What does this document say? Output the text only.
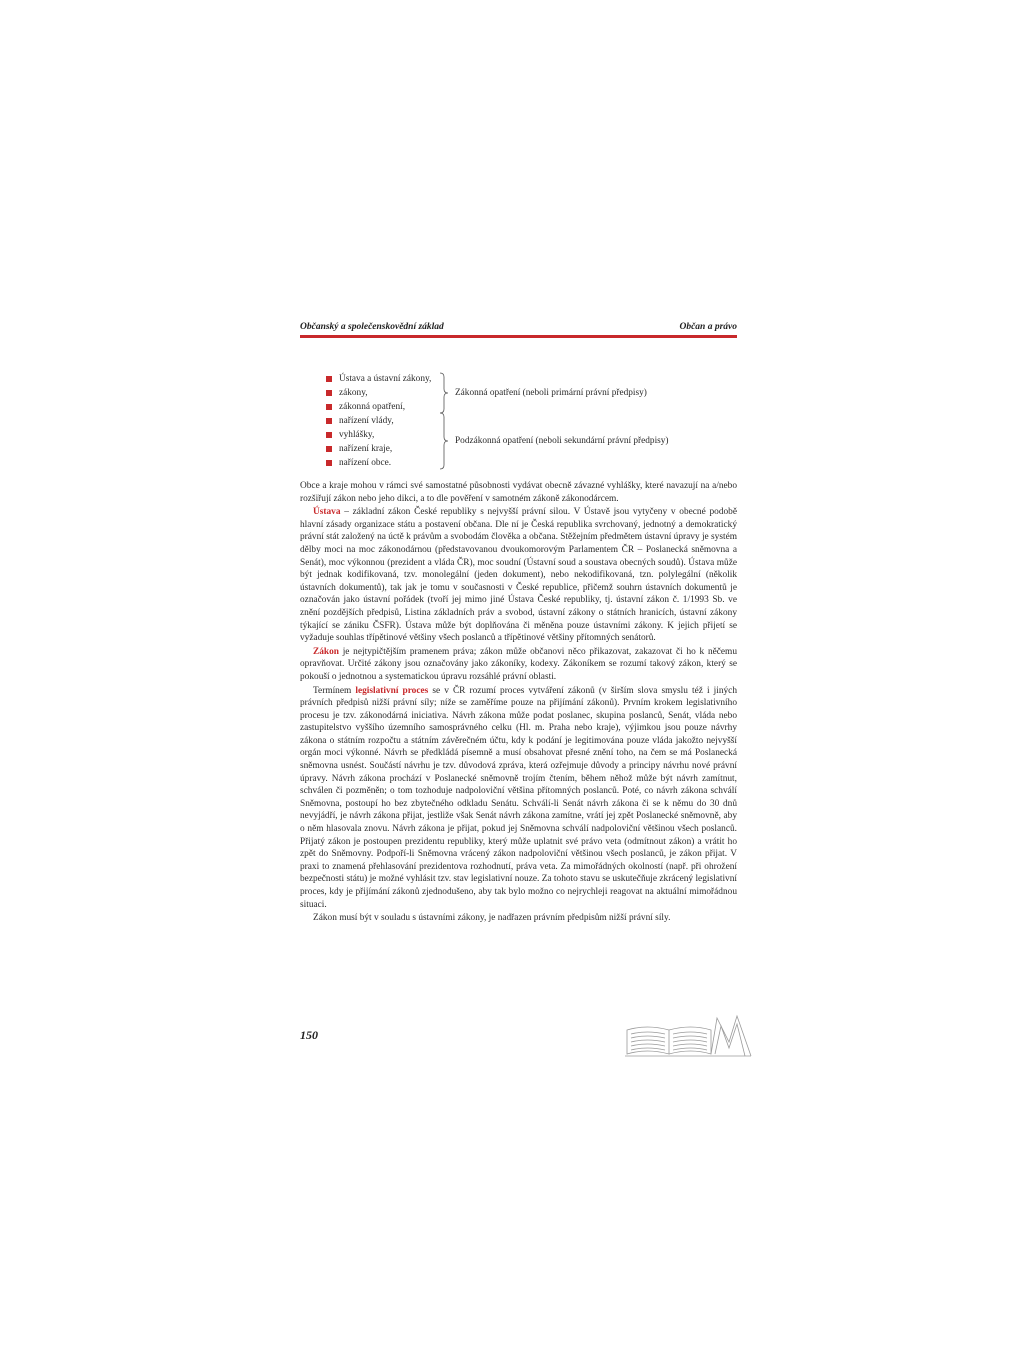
Občanský a společenskovědní základ	Občan a právo
Ústava a ústavní zákony,
zákony,
zákonná opatření,
nařízení vlády,
vyhlášky,
nařízení kraje,
nařízení obce.
Zákonná opatření (neboli primární právní předpisy)
Podzákonná opatření (neboli sekundární právní předpisy)

Obce a kraje mohou v rámci své samostatné působnosti vydávat obecně závazné vyhlášky, které navazují na a/nebo rozšiřují zákon nebo jeho dikci, a to dle pověření v samotném zákoně zákonodárcem.

Ústava – základní zákon České republiky s nejvyšší právní silou. V Ústavě jsou vytyčeny v obecné podobě hlavní zásady organizace státu a postavení občana. Dle ní je Česká republika svrchovaný, jednotný a demokratický právní stát založený na úctě k právům a svobodám člověka a občana. Stěžejním předmětem ústavní úpravy je systém dělby moci na moc zákonodárnou (představovanou dvoukomorovým Parlamentem ČR – Poslanecká sněmovna a Senát), moc výkonnou (prezident a vláda ČR), moc soudní (Ústavní soud a soustava obecných soudů). Ústava může být jednak kodifikovaná, tzv. monolegální (jeden dokument), nebo nekodifikovaná, tzn. polylegální (několik ústavních dokumentů), tak jak je tomu v současnosti v České republice, přičemž souhrn ústavních dokumentů je označován jako ústavní pořádek (tvoří jej mimo jiné Ústava České republiky, tj. ústavní zákon č. 1/1993 Sb. ve znění pozdějších předpisů, Listina základních práv a svobod, ústavní zákony o státních hranicích, ústavní zákony týkající se zániku ČSFR). Ústava může být doplňována či měněna pouze ústavními zákony. K jejich přijetí se vyžaduje souhlas třípětinové většiny všech poslanců a třípětinové většiny přítomných senátorů.

Zákon je nejtypičtějším pramenem práva; zákon může občanovi něco přikazovat, zakazovat či ho k něčemu opravňovat. Určité zákony jsou označovány jako zákoníky, kodexy. Zákoníkem se rozumí takový zákon, který se pokouší o jednotnou a systematickou úpravu rozsáhlé právní oblasti.

Termínem legislativní proces se v ČR rozumí proces vytváření zákonů (v širším slova smyslu též i jiných právních předpisů nižší právní síly; níže se zaměříme pouze na přijímání zákonů). Prvním krokem legislativního procesu je tzv. zákonodárná iniciativa. Návrh zákona může podat poslanec, skupina poslanců, Senát, vláda nebo zastupitelstvo vyššího územního samosprávného celku (Hl. m. Praha nebo kraje), výjimkou jsou pouze návrhy zákona o státním rozpočtu a státním závěrečném účtu, kdy k podání je legitimována pouze vláda jakožto nejvyšší orgán moci výkonné. Návrh se předkládá písemně a musí obsahovat přesné znění toho, na čem se má Poslanecká sněmovna usnést. Součástí návrhu je tzv. důvodová zpráva, která ozřejmuje důvody a principy návrhu nové právní úpravy. Návrh zákona prochází v Poslanecké sněmovně trojím čtením, během něhož může být návrh zamítnut, schválen či pozměněn; o tom tozhoduje nadpoloviční většina přítomných poslanců. Poté, co návrh zákona schválí Sněmovna, postoupí ho bez zbytečného odkladu Senátu. Schválí-li Senát návrh zákona či se k němu do 30 dnů nevyjádří, je návrh zákona přijat, jestliže však Senát návrh zákona zamítne, vrátí jej zpět Poslanecké sněmovně, aby o něm hlasovala znovu. Návrh zákona je přijat, pokud jej Sněmovna schválí nadpoloviční většinou všech poslanců. Přijatý zákon je postoupen prezidentu republiky, který může uplatnit své právo veta (odmítnout zákon) a vrátit ho zpět do Sněmovny. Podpoří-li Sněmovna vrácený zákon nadpoloviční většinou všech poslanců, je zákon přijat. V praxi to znamená přehlasování prezidentova rozhodnutí, práva veta. Za mimořádných okolností (např. při ohrožení bezpečnosti státu) je možné vyhlásit tzv. stav legislativní nouze. Za tohoto stavu se uskutečňuje zkrácený legislativní proces, kdy je přijímání zákonů zjednodušeno, aby tak bylo možno co nejrychleji reagovat na aktuální mimořádnou situaci.

Zákon musí být v souladu s ústavními zákony, je nadřazen právním předpisům nižší právní síly.

150
